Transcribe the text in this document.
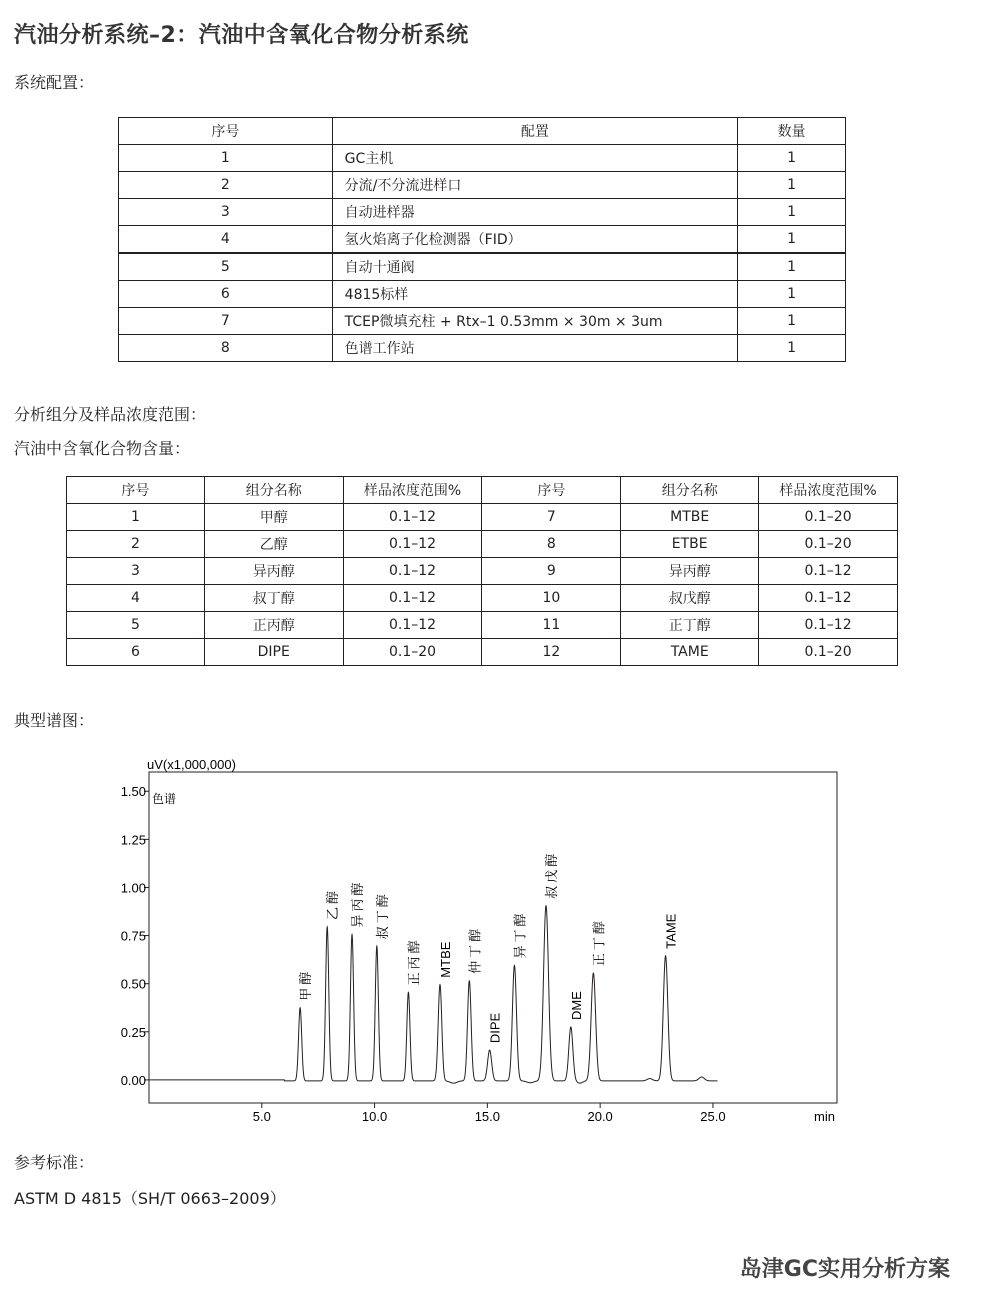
汽油分析系统–2：汽油中含氧化合物分析系统
系统配置：
序号	配置	数量
1	GC主机	1
2	分流/不分流进样口	1
3	自动进样器	1
4	氢火焰离子化检测器（FID）	1
5	自动十通阀	1
6	4815标样	1
7	TCEP微填充柱 + Rtx–1 0.53mm × 30m × 3um	1
8	色谱工作站	1
分析组分及样品浓度范围：
汽油中含氧化合物含量：
序号	组分名称	样品浓度范围%	序号	组分名称	样品浓度范围%
1	甲醇	0.1–12	7	MTBE	0.1–20
2	乙醇	0.1–12	8	ETBE	0.1–20
3	异丙醇	0.1–12	9	异丙醇	0.1–12
4	叔丁醇	0.1–12	10	叔戊醇	0.1–12
5	正丙醇	0.1–12	11	正丁醇	0.1–12
6	DIPE	0.1–20	12	TAME	0.1–20
典型谱图：
uV(x1,000,000)
色谱
min
0.00
0.25
0.50
0.75
1.00
1.25
1.50
5.0	10.0	15.0	20.0	25.0
甲醇
乙醇 异丙醇 叔丁醇
正丙醇 MTBE 仲丁醇
DIPE
异丁醇
叔戊醇
DME
正丁醇	TAME
参考标准：
ASTM D 4815（SH/T 0663–2009）
岛津GC实用分析方案
